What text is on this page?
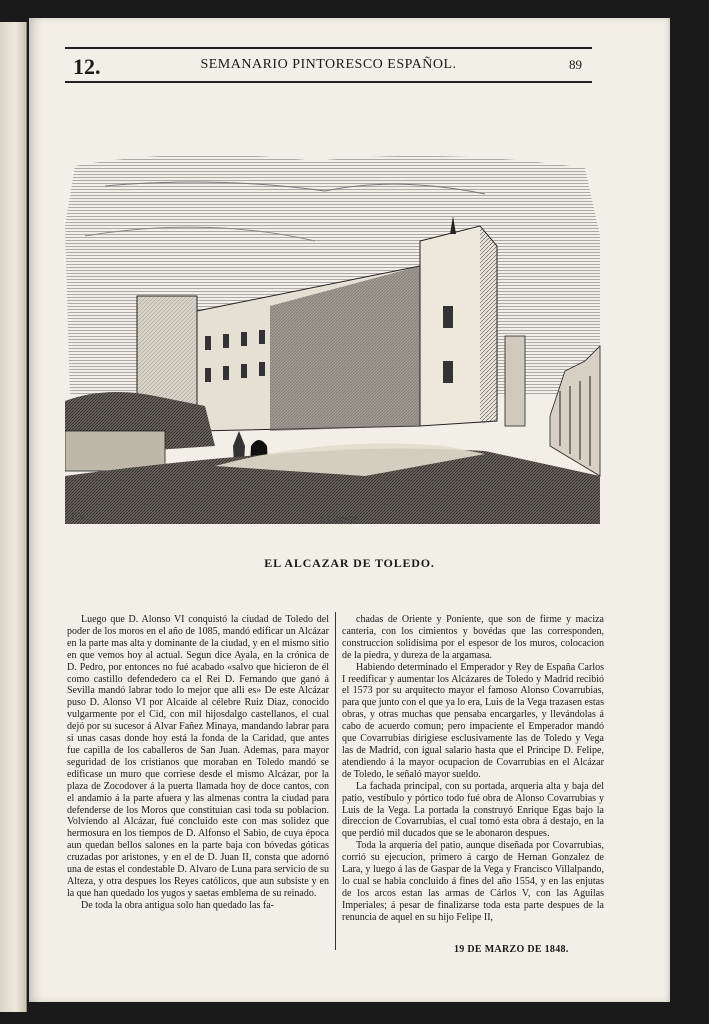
12.	SEMANARIO PINTORESCO ESPAÑOL.	89
E.V.	J. Castelló
EL ALCAZAR DE TOLEDO.

Luego que D. Alonso VI conquistó la ciudad de Toledo del poder de los moros en el año de 1085, mandó edificar un Alcázar en la parte mas alta y dominante de la ciudad, y en el mismo sitio en que vemos hoy al actual. Segun dice Ayala, en la crónica de D. Pedro, por entonces no fué acabado «salvo que hicieron de él como castillo defendedero ca el Rei D. Fernando que ganó á Sevilla mandó labrar todo lo mejor que alli es» De este Alcázar puso D. Alonso VI por Alcaide al célebre Ruiz Diaz, conocido vulgarmente por el Cid, con mil hijosdalgo castellanos, el cual dejó por su sucesor á Alvar Fañez Minaya, mandando labrar para si unas casas donde hoy está la fonda de la Caridad, que antes fue capilla de los caballeros de San Juan. Ademas, para mayor seguridad de los cristianos que moraban en Toledo mandó se edificase un muro que corriese desde el mismo Alcázar, por la plaza de Zocodover á la puerta llamada hoy de doce cantos, con el andamio á la parte afuera y las almenas contra la ciudad para defenderse de los Moros que constituian casi toda su poblacion. Volviendo al Alcázar, fué concluido este con mas solidez que hermosura en los tiempos de D. Alfonso el Sabio, de cuya época aun quedan bellos salones en la parte baja con bóvedas góticas cruzadas por aristones, y en el de D. Juan II, consta que adornó una de estas el condestable D. Alvaro de Luna para servicio de su Alteza, y otra despues los Reyes católicos, que aun subsiste y en la que han quedado los yugos y saetas emblema de su reinado.

De toda la obra antigua solo han quedado las fa-

chadas de Oriente y Poniente, que son de firme y maciza canteria, con los cimientos y bovédas que las corresponden, construccion solidísima por el espesor de los muros, colocacion de la piedra, y dureza de la argamasa.

Habiendo determinado el Emperador y Rey de España Carlos I reedificar y aumentar los Alcázares de Toledo y Madrid recibió el 1573 por su arquitecto mayor el famoso Alonso Covarrubias, para que junto con el que ya lo era, Luis de la Vega trazasen estas obras, y otras muchas que pensaba encargarles, y llevándolas á cabo de acuerdo comun; pero impaciente el Emperador mandó que Covarrubias dirigiese esclusivamente las de Toledo y Vega las de Madrid, con igual salario hasta que el Príncipe D. Felipe, atendiendo á la mayor ocupacion de Covarrubias en el Alcázar de Toledo, le señaló mayor sueldo.

La fachada principal, con su portada, arqueria alta y baja del patio, vestíbulo y pórtico todo fué obra de Alonso Covarrubias y Luis de la Vega. La portada la construyó Enrique Egas bajo la direccion de Covarrubias, el cual tomó esta obra á destajo, en la que perdió mil ducados que se le abonaron despues.

Toda la arqueria del patio, aunque diseñada por Covarrubias, corrió su ejecucion, primero á cargo de Hernan Gonzalez de Lara, y luego á las de Gaspar de la Vega y Francisco Villalpando, lo cual se habia concluido á fines del año 1554, y en las enjutas de los arcos estan las armas de Cárlos V, con las Aguilas Imperiales; á pesar de finalizarse toda esta parte despues de la renuncia de aquel en su hijo Felipe II,

19 DE MARZO DE 1848.
